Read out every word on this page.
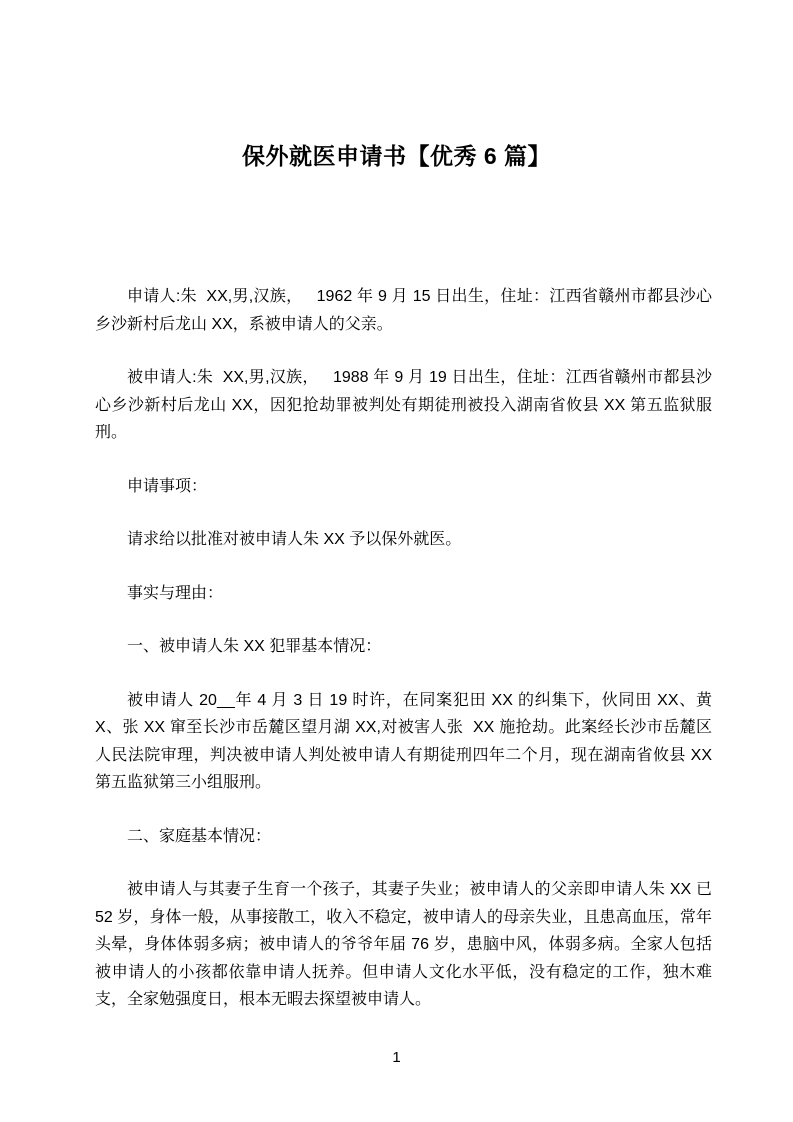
保外就医申请书【优秀 6 篇】

申请人:朱  XX,男,汉族，   1962 年 9 月 15 日出生，住址：江西省赣州市都县沙心乡沙新村后龙山 XX，系被申请人的父亲。

被申请人:朱  XX,男,汉族，   1988 年 9 月 19 日出生，住址：江西省赣州市都县沙心乡沙新村后龙山 XX，因犯抢劫罪被判处有期徒刑被投入湖南省攸县 XX 第五监狱服刑。

申请事项：

请求给以批准对被申请人朱 XX 予以保外就医。

事实与理由：

一、被申请人朱 XX 犯罪基本情况：

被申请人 20__年 4 月 3 日 19 时许，在同案犯田 XX 的纠集下，伙同田 XX、黄 X、张 XX 窜至长沙市岳麓区望月湖 XX,对被害人张  XX 施抢劫。此案经长沙市岳麓区人民法院审理，判决被申请人判处被申请人有期徒刑四年二个月，现在湖南省攸县 XX 第五监狱第三小组服刑。

二、家庭基本情况：

被申请人与其妻子生育一个孩子，其妻子失业；被申请人的父亲即申请人朱 XX 已 52 岁，身体一般，从事接散工，收入不稳定，被申请人的母亲失业，且患高血压，常年头晕，身体体弱多病；被申请人的爷爷年届 76 岁，患脑中风，体弱多病。全家人包括被申请人的小孩都依靠申请人抚养。但申请人文化水平低，没有稳定的工作，独木难支，全家勉强度日，根本无暇去探望被申请人。

1
